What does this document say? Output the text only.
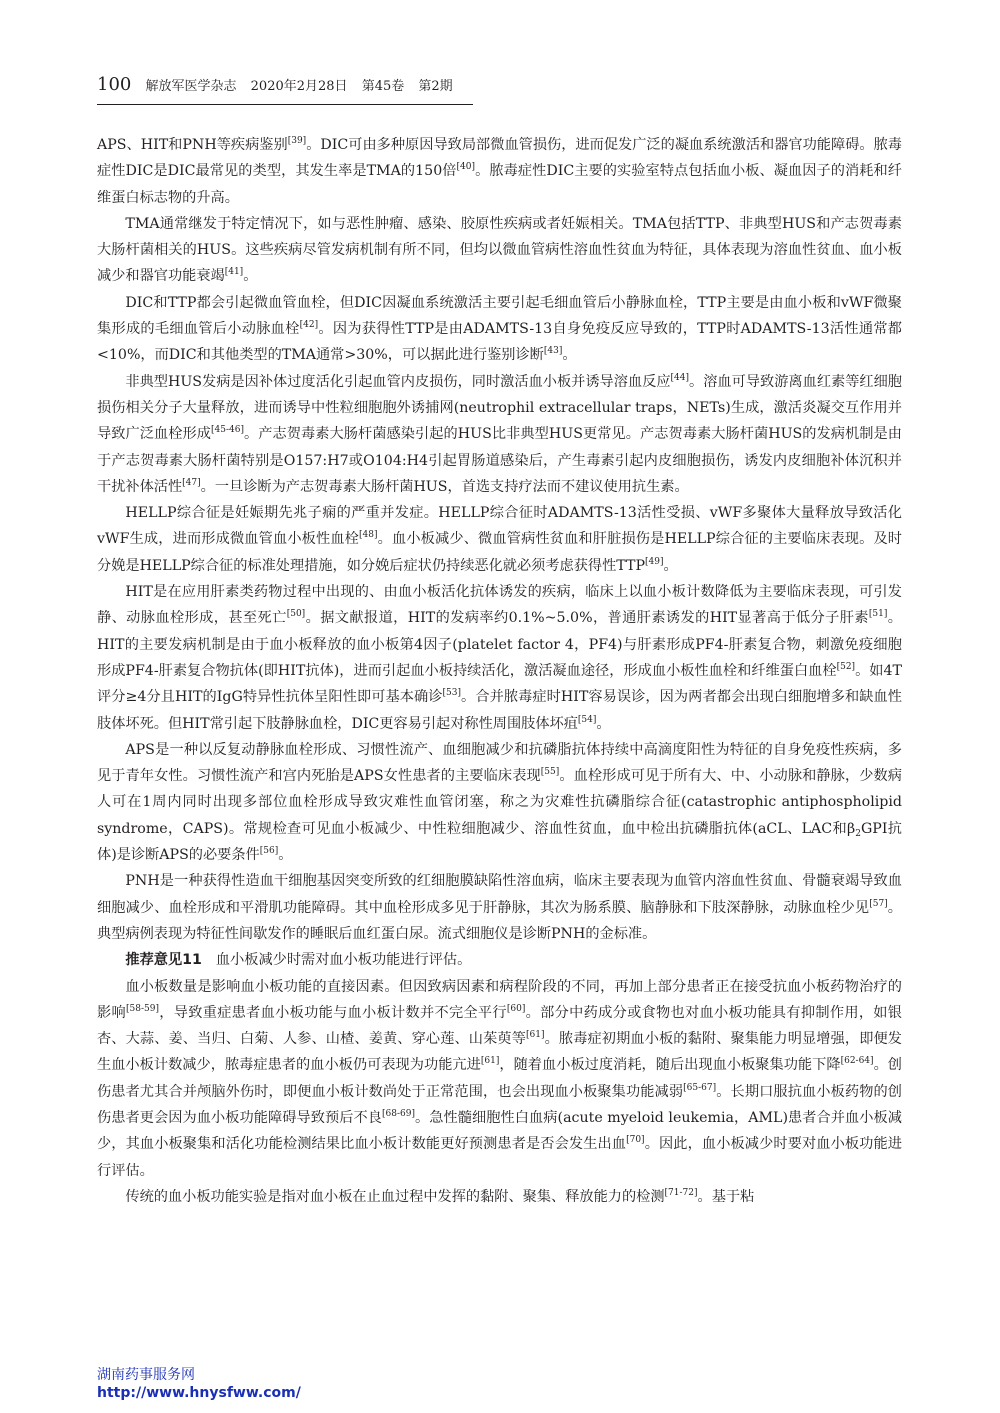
100 解放军医学杂志 2020年2月28日 第45卷 第2期

APS、HIT和PNH等疾病鉴别[39]。DIC可由多种原因导致局部微血管损伤，进而促发广泛的凝血系统激活和器官功能障碍。脓毒症性DIC是DIC最常见的类型，其发生率是TMA的150倍[40]。脓毒症性DIC主要的实验室特点包括血小板、凝血因子的消耗和纤维蛋白标志物的升高。

TMA通常继发于特定情况下，如与恶性肿瘤、感染、胶原性疾病或者妊娠相关。TMA包括TTP、非典型HUS和产志贺毒素大肠杆菌相关的HUS。这些疾病尽管发病机制有所不同，但均以微血管病性溶血性贫血为特征，具体表现为溶血性贫血、血小板减少和器官功能衰竭[41]。

DIC和TTP都会引起微血管血栓，但DIC因凝血系统激活主要引起毛细血管后小静脉血栓，TTP主要是由血小板和vWF微聚集形成的毛细血管后小动脉血栓[42]。因为获得性TTP是由ADAMTS-13自身免疫反应导致的，TTP时ADAMTS-13活性通常都<10%，而DIC和其他类型的TMA通常>30%，可以据此进行鉴别诊断[43]。

非典型HUS发病是因补体过度活化引起血管内皮损伤，同时激活血小板并诱导溶血反应[44]。溶血可导致游离血红素等红细胞损伤相关分子大量释放，进而诱导中性粒细胞胞外诱捕网(neutrophil extracellular traps，NETs)生成，激活炎凝交互作用并导致广泛血栓形成[45-46]。产志贺毒素大肠杆菌感染引起的HUS比非典型HUS更常见。产志贺毒素大肠杆菌HUS的发病机制是由于产志贺毒素大肠杆菌特别是O157:H7或O104:H4引起胃肠道感染后，产生毒素引起内皮细胞损伤，诱发内皮细胞补体沉积并干扰补体活性[47]。一旦诊断为产志贺毒素大肠杆菌HUS，首选支持疗法而不建议使用抗生素。

HELLP综合征是妊娠期先兆子痫的严重并发症。HELLP综合征时ADAMTS-13活性受损、vWF多聚体大量释放导致活化vWF生成，进而形成微血管血小板性血栓[48]。血小板减少、微血管病性贫血和肝脏损伤是HELLP综合征的主要临床表现。及时分娩是HELLP综合征的标准处理措施，如分娩后症状仍持续恶化就必须考虑获得性TTP[49]。

HIT是在应用肝素类药物过程中出现的、由血小板活化抗体诱发的疾病，临床上以血小板计数降低为主要临床表现，可引发静、动脉血栓形成，甚至死亡[50]。据文献报道，HIT的发病率约0.1%~5.0%，普通肝素诱发的HIT显著高于低分子肝素[51]。HIT的主要发病机制是由于血小板释放的血小板第4因子(platelet factor 4，PF4)与肝素形成PF4-肝素复合物，刺激免疫细胞形成PF4-肝素复合物抗体(即HIT抗体)，进而引起血小板持续活化，激活凝血途径，形成血小板性血栓和纤维蛋白血栓[52]。如4T评分≥4分且HIT的IgG特异性抗体呈阳性即可基本确诊[53]。合并脓毒症时HIT容易误诊，因为两者都会出现白细胞增多和缺血性肢体坏死。但HIT常引起下肢静脉血栓，DIC更容易引起对称性周围肢体坏疽[54]。

APS是一种以反复动静脉血栓形成、习惯性流产、血细胞减少和抗磷脂抗体持续中高滴度阳性为特征的自身免疫性疾病，多见于青年女性。习惯性流产和宫内死胎是APS女性患者的主要临床表现[55]。血栓形成可见于所有大、中、小动脉和静脉，少数病人可在1周内同时出现多部位血栓形成导致灾难性血管闭塞，称之为灾难性抗磷脂综合征(catastrophic antiphospholipid syndrome，CAPS)。常规检查可见血小板减少、中性粒细胞减少、溶血性贫血，血中检出抗磷脂抗体(aCL、LAC和$\beta_2GPI$抗体)是诊断APS的必要条件[56]。

PNH是一种获得性造血干细胞基因突变所致的红细胞膜缺陷性溶血病，临床主要表现为血管内溶血性贫血、骨髓衰竭导致血细胞减少、血栓形成和平滑肌功能障碍。其中血栓形成多见于肝静脉，其次为肠系膜、脑静脉和下肢深静脉，动脉血栓少见[57]。典型病例表现为特征性间歇发作的睡眠后血红蛋白尿。流式细胞仪是诊断PNH的金标准。

推荐意见11 血小板减少时需对血小板功能进行评估。

血小板数量是影响血小板功能的直接因素。但因致病因素和病程阶段的不同，再加上部分患者正在接受抗血小板药物治疗的影响[58-59]，导致重症患者血小板功能与血小板计数并不完全平行[60]。部分中药成分或食物也对血小板功能具有抑制作用，如银杏、大蒜、姜、当归、白菊、人参、山楂、姜黄、穿心莲、山茱萸等[61]。脓毒症初期血小板的黏附、聚集能力明显增强，即便发生血小板计数减少，脓毒症患者的血小板仍可表现为功能亢进[61]，随着血小板过度消耗，随后出现血小板聚集功能下降[62-64]。创伤患者尤其合并颅脑外伤时，即便血小板计数尚处于正常范围，也会出现血小板聚集功能减弱[65-67]。长期口服抗血小板药物的创伤患者更会因为血小板功能障碍导致预后不良[68-69]。急性髓细胞性白血病(acute myeloid leukemia，AML)患者合并血小板减少，其血小板聚集和活化功能检测结果比血小板计数能更好预测患者是否会发生出血[70]。因此，血小板减少时要对血小板功能进行评估。

传统的血小板功能实验是指对血小板在止血过程中发挥的黏附、聚集、释放能力的检测[71-72]。基于粘

湖南药事服务网
http://www.hnysfww.com/
